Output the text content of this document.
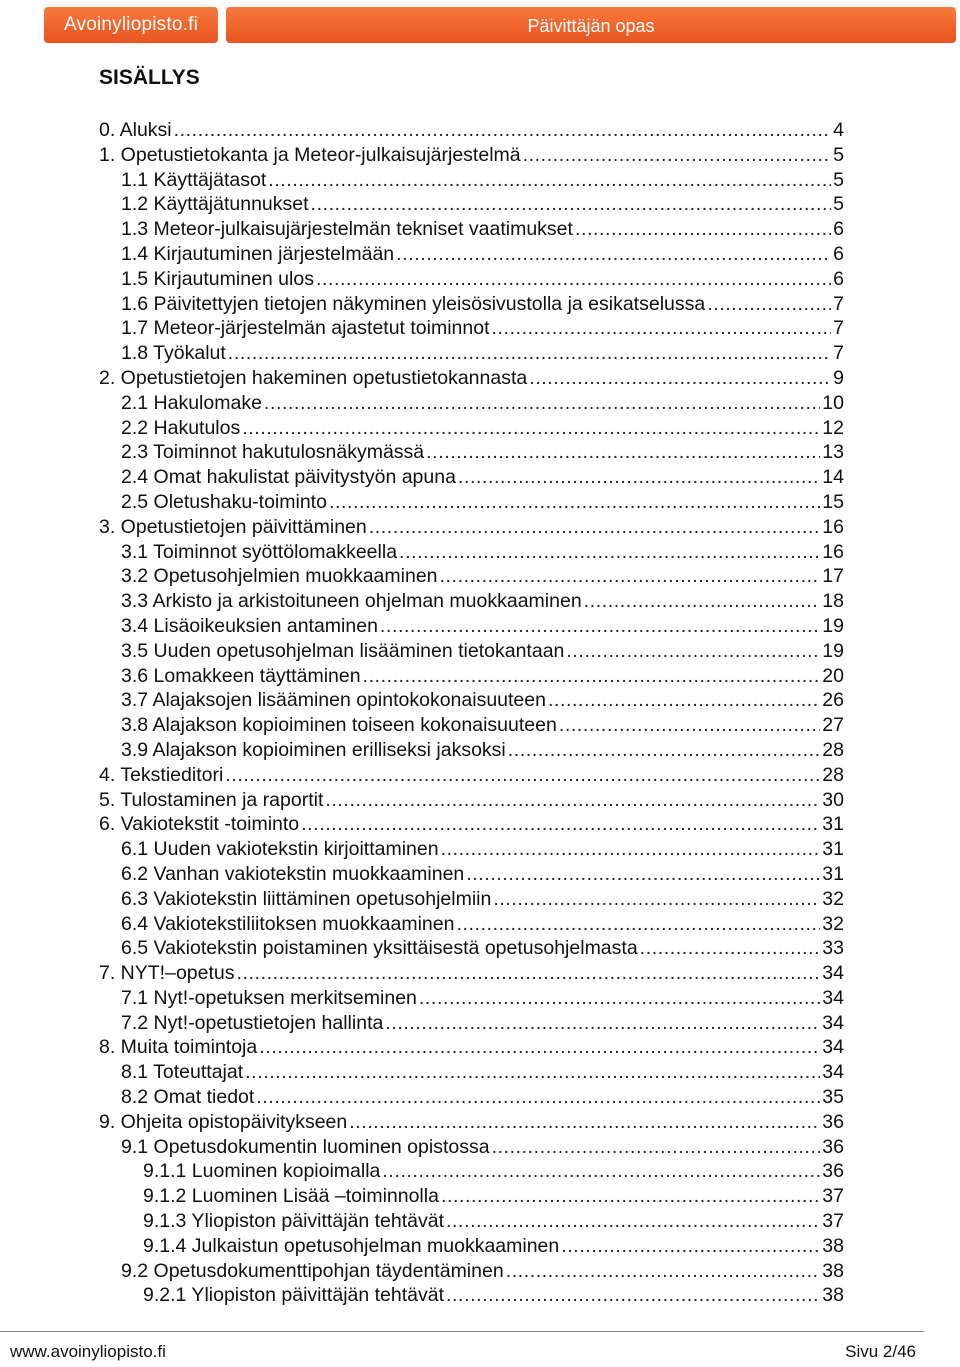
Avoinyliopisto.fi	Päivittäjän opas
SISÄLLYS
0. Aluksi .....	4
1. Opetustietokanta ja Meteor-julkaisujärjestelmä .....	5
1.1 Käyttäjätasot .....	5
1.2 Käyttäjätunnukset .....	5
1.3 Meteor-julkaisujärjestelmän tekniset vaatimukset .....	6
1.4 Kirjautuminen järjestelmään .....	6
1.5 Kirjautuminen ulos .....	6
1.6 Päivitettyjen tietojen näkyminen yleisösivustolla ja esikatselussa .....	7
1.7 Meteor-järjestelmän ajastetut toiminnot .....	7
1.8 Työkalut .....	7
2. Opetustietojen hakeminen opetustietokannasta .....	9
2.1 Hakulomake .....	10
2.2 Hakutulos .....	12
2.3 Toiminnot hakutulosnäkymässä .....	13
2.4 Omat hakulistat päivitystyön apuna .....	14
2.5 Oletushaku-toiminto .....	15
3. Opetustietojen päivittäminen .....	16
3.1 Toiminnot syöttölomakkeella .....	16
3.2 Opetusohjelmien muokkaaminen .....	17
3.3 Arkisto ja arkistoituneen ohjelman muokkaaminen .....	18
3.4 Lisäoikeuksien antaminen .....	19
3.5 Uuden opetusohjelman lisääminen tietokantaan .....	19
3.6 Lomakkeen täyttäminen .....	20
3.7 Alajaksojen lisääminen opintokokonaisuuteen .....	26
3.8 Alajakson kopioiminen toiseen kokonaisuuteen .....	27
3.9 Alajakson kopioiminen erilliseksi jaksoksi .....	28
4. Tekstieditori .....	28
5. Tulostaminen ja raportit .....	30
6. Vakiotekstit -toiminto .....	31
6.1 Uuden vakiotekstin kirjoittaminen .....	31
6.2 Vanhan vakiotekstin muokkaaminen .....	31
6.3 Vakiotekstin liittäminen opetusohjelmiin .....	32
6.4 Vakiotekstiliitoksen muokkaaminen .....	32
6.5 Vakiotekstin poistaminen yksittäisestä opetusohjelmasta .....	33
7. NYT!–opetus .....	34
7.1 Nyt!-opetuksen merkitseminen .....	34
7.2 Nyt!-opetustietojen hallinta .....	34
8. Muita toimintoja .....	34
8.1 Toteuttajat .....	34
8.2 Omat tiedot .....	35
9. Ohjeita opistopäivitykseen .....	36
9.1 Opetusdokumentin luominen opistossa .....	36
9.1.1 Luominen kopioimalla .....	36
9.1.2 Luominen Lisää –toiminnolla .....	37
9.1.3 Yliopiston päivittäjän tehtävät .....	37
9.1.4 Julkaistun opetusohjelman muokkaaminen .....	38
9.2 Opetusdokumenttipohjan täydentäminen .....	38
9.2.1 Yliopiston päivittäjän tehtävät .....	38
www.avoinyliopisto.fi	Sivu 2/46
